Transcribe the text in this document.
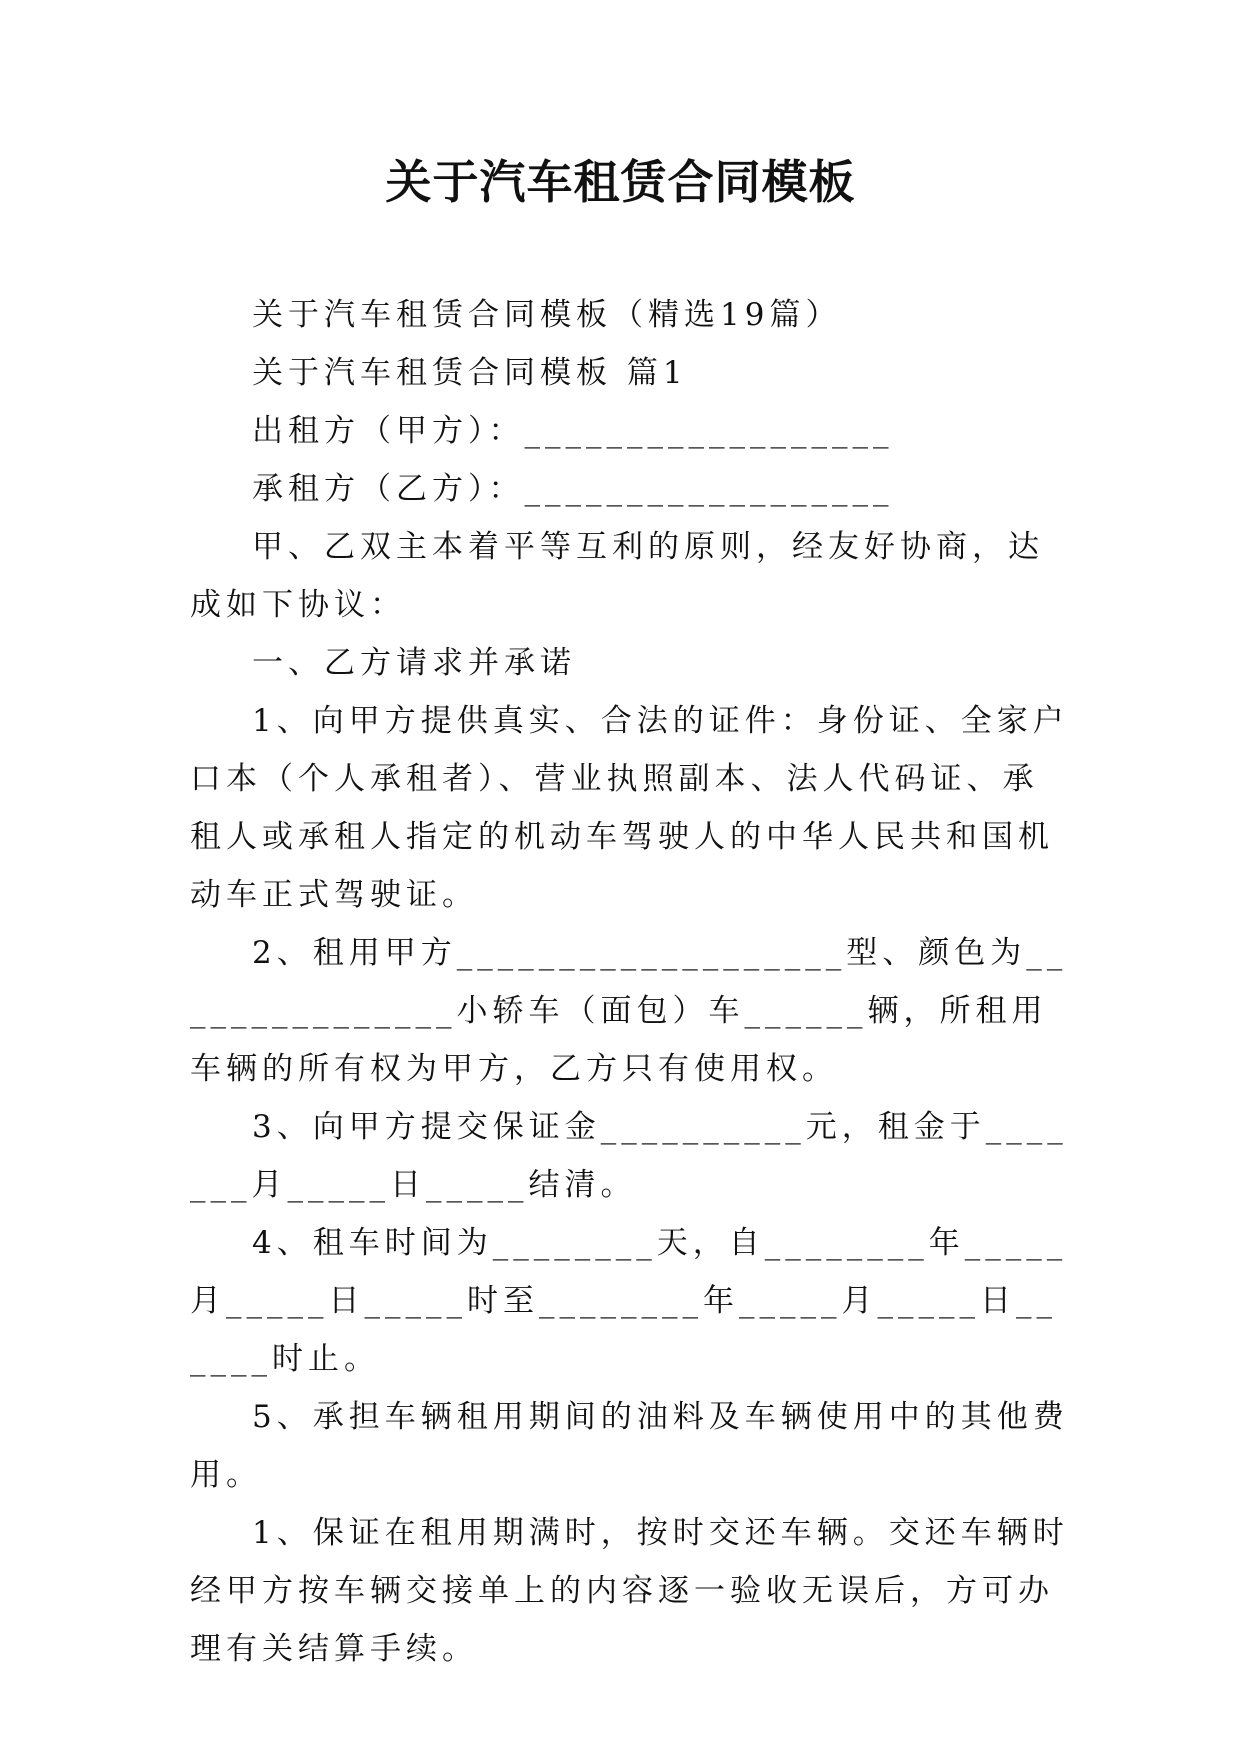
关于汽车租赁合同模板

关于汽车租赁合同模板（精选19篇）

关于汽车租赁合同模板 篇1

出租方（甲方）：__________________

承租方（乙方）：__________________

甲、乙双主本着平等互利的原则，经友好协商，达成如下协议：

一、乙方请求并承诺

1、向甲方提供真实、合法的证件：身份证、全家户口本（个人承租者）、营业执照副本、法人代码证、承租人或承租人指定的机动车驾驶人的中华人民共和国机动车正式驾驶证。

2、租用甲方___________________型、颜色为_______________小轿车（面包）车______辆，所租用车辆的所有权为甲方，乙方只有使用权。

3、向甲方提交保证金__________元，租金于_______月_____日_____结清。

4、租车时间为________天，自________年_____月_____日_____时至________年_____月_____日______时止。

5、承担车辆租用期间的油料及车辆使用中的其他费用。

1、保证在租用期满时，按时交还车辆。交还车辆时经甲方按车辆交接单上的内容逐一验收无误后，方可办理有关结算手续。
